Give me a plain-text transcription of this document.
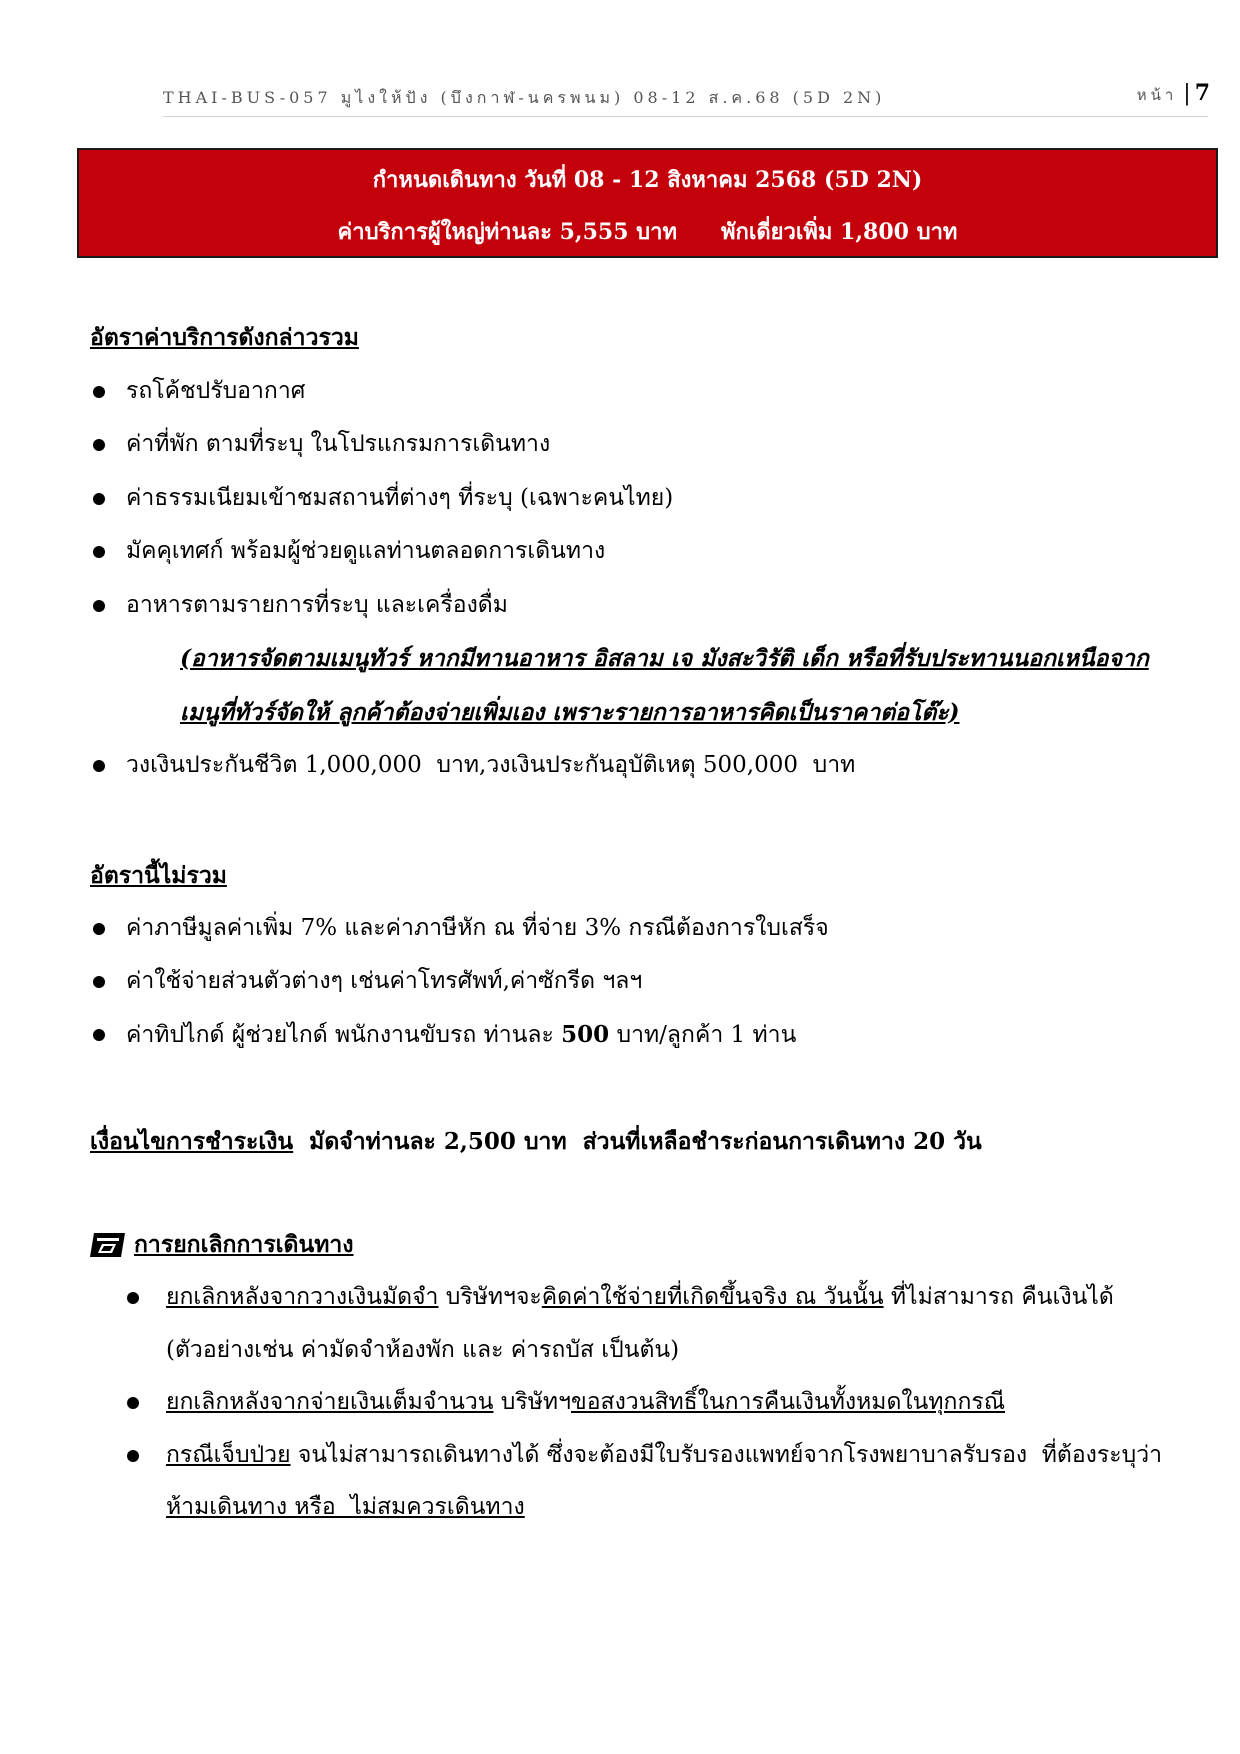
THAI-BUS-057 มูไงให้ปัง (บึงกาฬ-นครพนม) 08-12 ส.ค.68 (5D 2N)	หน้า | 7
กำหนดเดินทาง วันที่ 08 - 12 สิงหาคม 2568 (5D 2N)
ค่าบริการผู้ใหญ่ท่านละ 5,555 บาท พักเดี่ยวเพิ่ม 1,800 บาท
อัตราค่าบริการดังกล่าวรวม
รถโค้ชปรับอากาศ
ค่าที่พัก ตามที่ระบุ ในโปรแกรมการเดินทาง
ค่าธรรมเนียมเข้าชมสถานที่ต่างๆ ที่ระบุ (เฉพาะคนไทย)
มัคคุเทศก์ พร้อมผู้ช่วยดูแลท่านตลอดการเดินทาง
อาหารตามรายการที่ระบุ และเครื่องดื่ม
(อาหารจัดตามเมนูทัวร์ หากมีทานอาหาร อิสลาม เจ มังสะวิรัติ เด็ก หรือที่รับประทานนอกเหนือจาก
เมนูที่ทัวร์จัดให้ ลูกค้าต้องจ่ายเพิ่มเอง เพราะรายการอาหารคิดเป็นราคาต่อโต๊ะ)
วงเงินประกันชีวิต 1,000,000  บาท,วงเงินประกันอุบัติเหตุ 500,000  บาท
อัตรานี้ไม่รวม
ค่าภาษีมูลค่าเพิ่ม 7% และค่าภาษีหัก ณ ที่จ่าย 3% กรณีต้องการใบเสร็จ
ค่าใช้จ่ายส่วนตัวต่างๆ เช่นค่าโทรศัพท์,ค่าซักรีด ฯลฯ
ค่าทิปไกด์ ผู้ช่วยไกด์ พนักงานขับรถ ท่านละ 500 บาท/ลูกค้า 1 ท่าน
เงื่อนไขการชำระเงิน มัดจำท่านละ 2,500 บาท  ส่วนที่เหลือชำระก่อนการเดินทาง 20 วัน
การยกเลิกการเดินทาง
ยกเลิกหลังจากวางเงินมัดจำ บริษัทฯจะคิดค่าใช้จ่ายที่เกิดขึ้นจริง ณ วันนั้น ที่ไม่สามารถ คืนเงินได้
(ตัวอย่างเช่น ค่ามัดจำห้องพัก และ ค่ารถบัส เป็นต้น)
ยกเลิกหลังจากจ่ายเงินเต็มจำนวน บริษัทฯขอสงวนสิทธิ์ในการคืนเงินทั้งหมดในทุกกรณี
กรณีเจ็บป่วย จนไม่สามารถเดินทางได้ ซึ่งจะต้องมีใบรับรองแพทย์จากโรงพยาบาลรับรอง  ที่ต้องระบุว่า
ห้ามเดินทาง หรือ  ไม่สมควรเดินทาง
